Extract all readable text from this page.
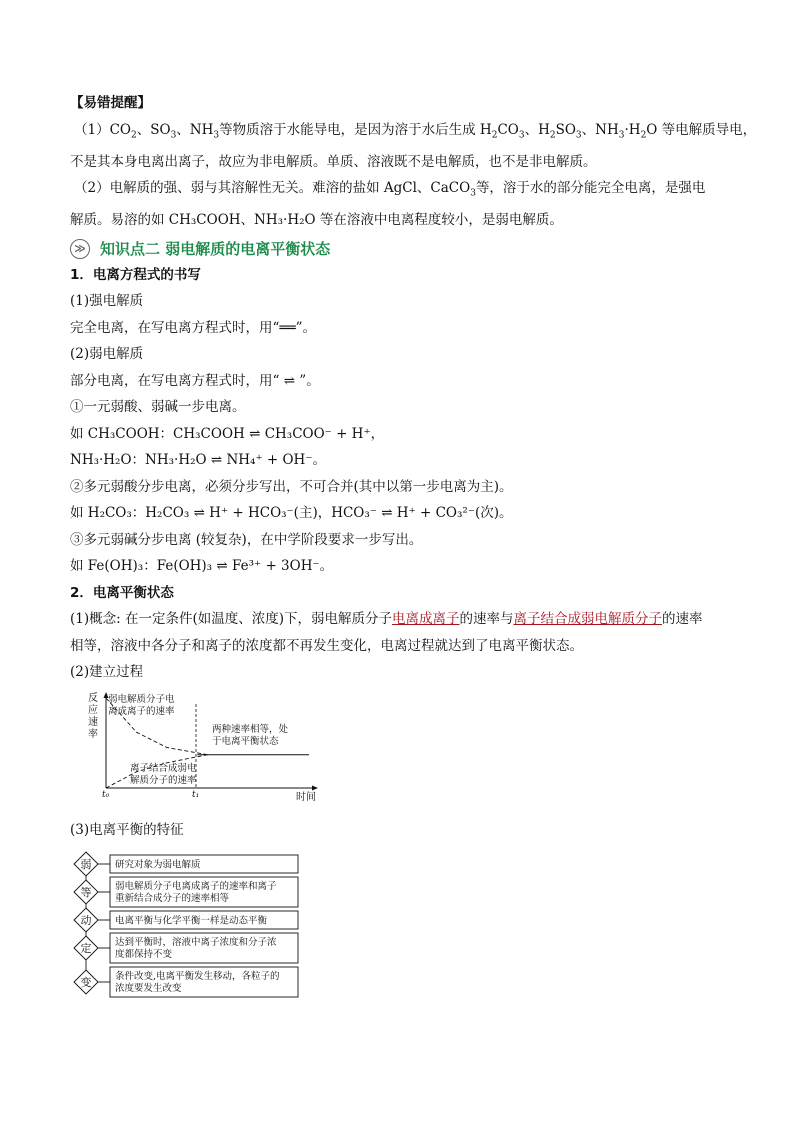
【易错提醒】
$(1)CO_2$、$SO_3$、$NH_3$等物质溶于水能导电，是因为溶于水后生成 $H_2CO_3$、$H_2SO_3$、$NH_3\cdot H_2O$ 等电解质导电，
不是其本身电离出离子，故应为非电解质。单质、溶液既不是电解质，也不是非电解质。
（2）电解质的强、弱与其溶解性无关。难溶的盐如 AgCl、CaCO$_3$等，溶于水的部分能完全电离，是强电
解质。易溶的如 CH₃COOH、NH₃·H₂O 等在溶液中电离程度较小，是弱电解质。
≫ 知识点二 弱电解质的电离平衡状态
1．电离方程式的书写
(1)强电解质
完全电离，在写电离方程式时，用“══”。
(2)弱电解质
部分电离，在写电离方程式时，用“ ⇌ ”。
①一元弱酸、弱碱一步电离。
如 CH₃COOH：CH₃COOH ⇌ CH₃COO⁻ + H⁺，
NH₃·H₂O：NH₃·H₂O ⇌ NH₄⁺ + OH⁻。
②多元弱酸分步电离，必须分步写出，不可合并(其中以第一步电离为主)。
如 H₂CO₃：H₂CO₃ ⇌ H⁺ + HCO₃⁻(主)，HCO₃⁻ ⇌ H⁺ + CO₃²⁻(次)。
③多元弱碱分步电离 (较复杂)，在中学阶段要求一步写出。
如 Fe(OH)₃：Fe(OH)₃ ⇌ Fe³⁺ + 3OH⁻。
2．电离平衡状态
(1)概念: 在一定条件(如温度、浓度)下，弱电解质分子电离成离子的速率与离子结合成弱电解质分子的速率
相等，溶液中各分子和离子的浓度都不再发生变化，电离过程就达到了电离平衡状态。
(2)建立过程
反
应
速
率
弱电解质分子电
离成离子的速率
两种速率相等，处
于电离平衡状态
离子结合成弱电
解质分子的速率
时间
t₀	t₁
(3)电离平衡的特征
弱 研究对象为弱电解质
等 弱电解质分子电离成离子的速率和离子
重新结合成分子的速率相等
动 电离平衡与化学平衡一样是动态平衡
定 达到平衡时，溶液中离子浓度和分子浓
度都保持不变
变 条件改变,电离平衡发生移动，各粒子的
浓度要发生改变
